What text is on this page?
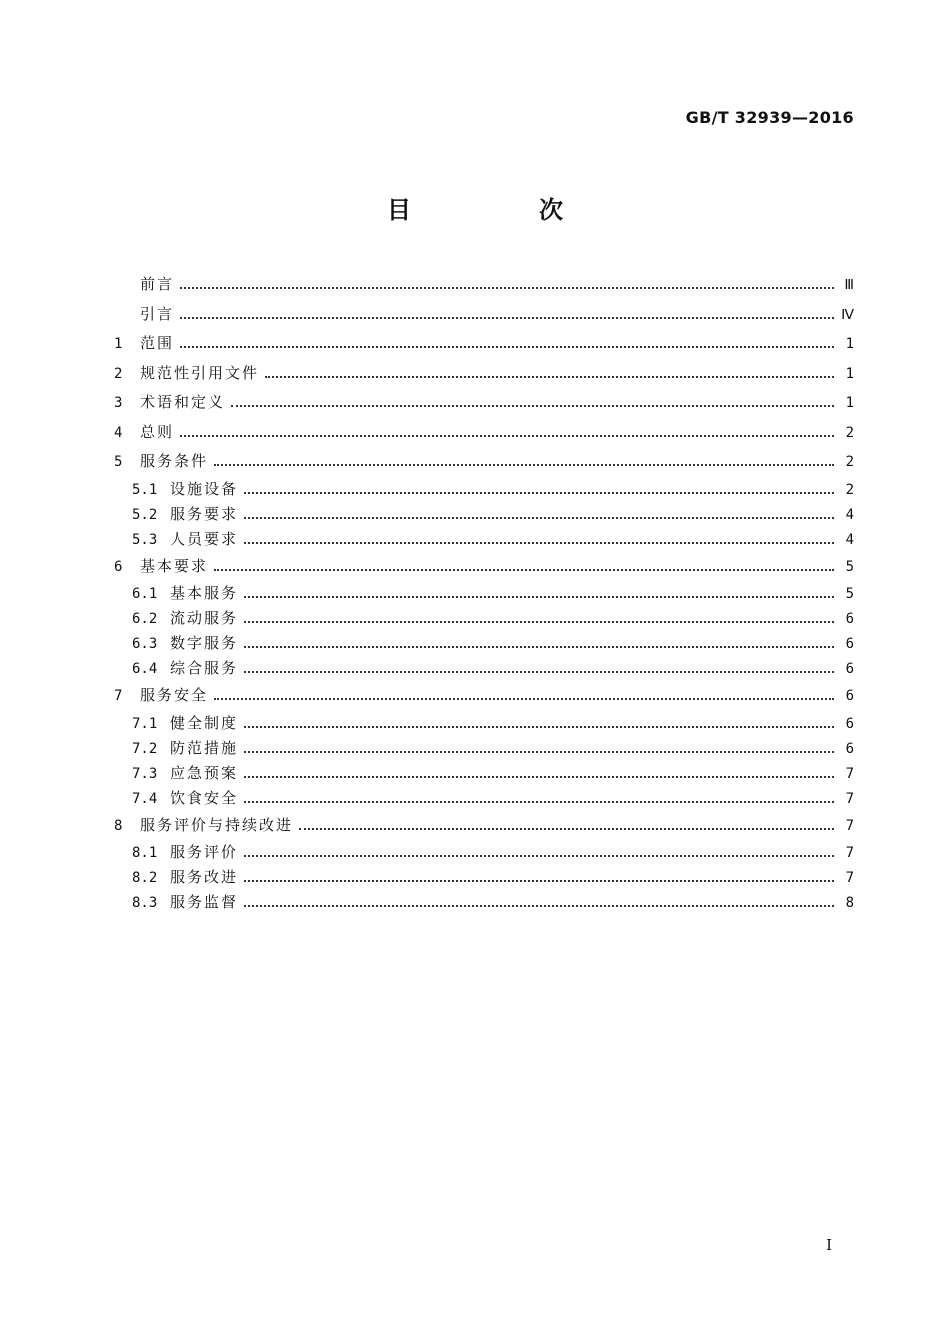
GB/T 32939—2016
目　次
前言	Ⅲ
引言	Ⅳ
1	范围	1
2	规范性引用文件	1
3	术语和定义	1
4	总则	2
5	服务条件	2
5.1 设施设备	2
5.2 服务要求	4
5.3 人员要求	4
6	基本要求	5
6.1 基本服务	5
6.2 流动服务	6
6.3 数字服务	6
6.4 综合服务	6
7	服务安全	6
7.1 健全制度	6
7.2 防范措施	6
7.3 应急预案	7
7.4 饮食安全	7
8	服务评价与持续改进	7
8.1 服务评价	7
8.2 服务改进	7
8.3 服务监督	8
I
